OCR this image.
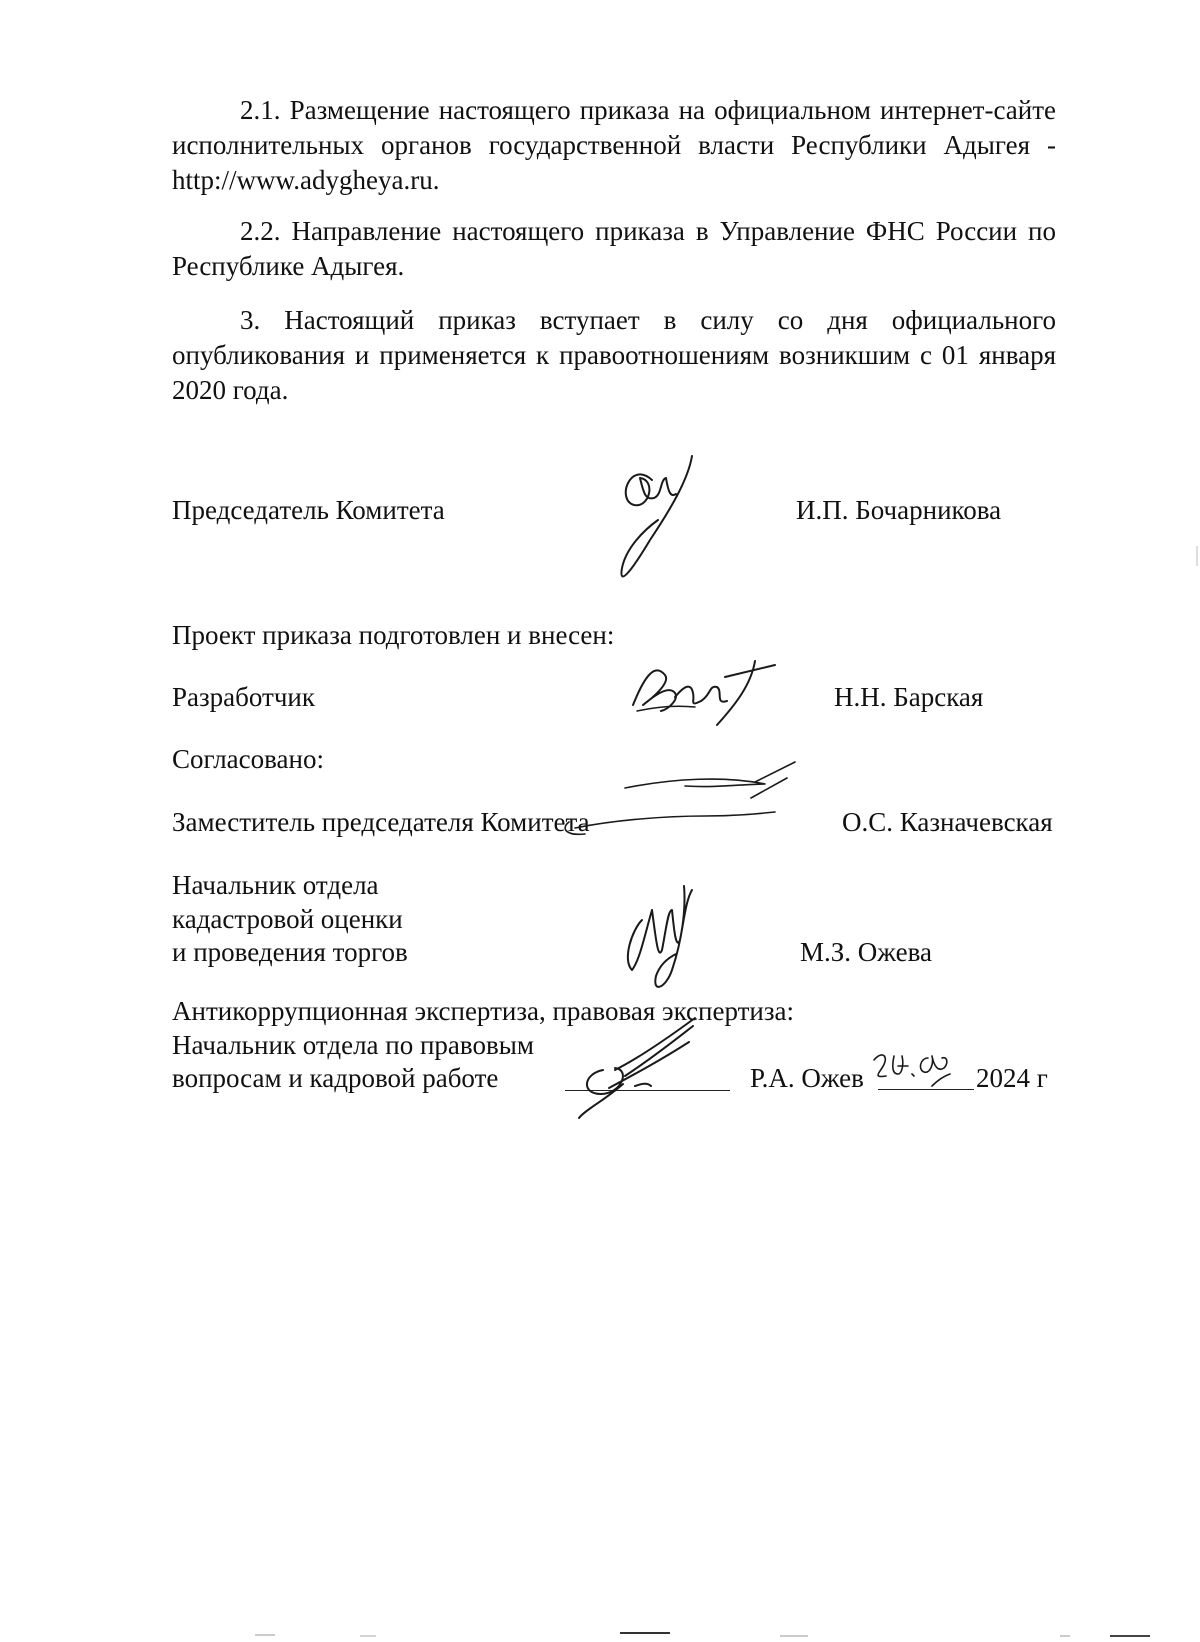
2.1. Размещение настоящего приказа на официальном интернет-сайте исполнительных органов государственной власти Республики Адыгея - http://www.adygheya.ru.

2.2. Направление настоящего приказа в Управление ФНС России по Республике Адыгея.

3. Настоящий приказ вступает в силу со дня официального опубликования и применяется к правоотношениям возникшим с 01 января 2020 года.

Председатель Комитета	И.П. Бочарникова
Проект приказа подготовлен и внесен:
Разработчик	Н.Н. Барская
Согласовано:
Заместитель председателя Комитета	О.С. Казначевская
Начальник отдела
кадастровой оценки
и проведения торгов	М.З. Ожева
Антикоррупционная экспертиза, правовая экспертиза:
Начальник отдела по правовым
вопросам и кадровой работе	Р.А. Ожев	2024 г
